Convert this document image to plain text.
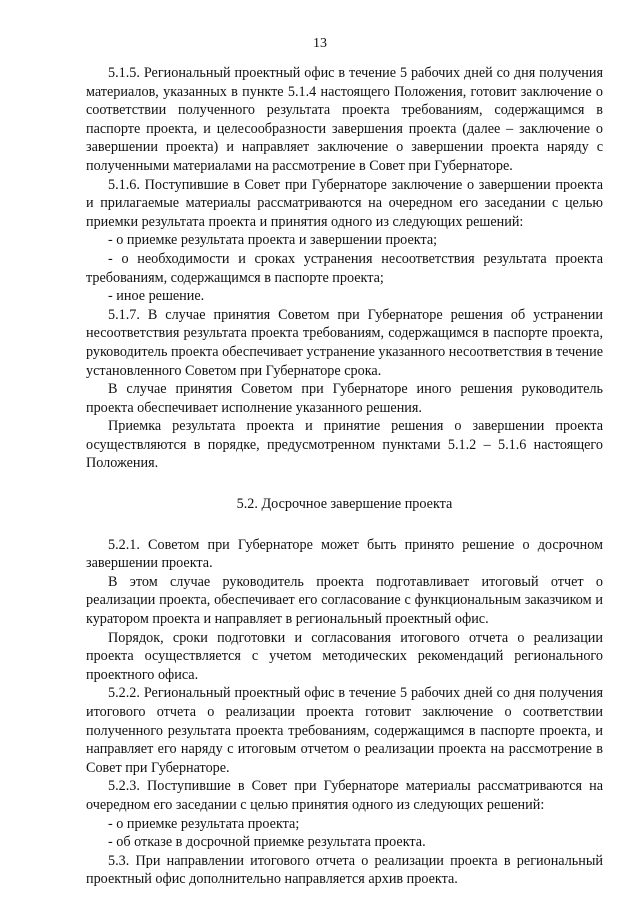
13

5.1.5. Региональный проектный офис в течение 5 рабочих дней со дня получения материалов, указанных в пункте 5.1.4 настоящего Положения, готовит заключение о соответствии полученного результата проекта требованиям, содержащимся в паспорте проекта, и целесообразности завершения проекта (далее – заключение о завершении проекта) и направляет заключение о завершении проекта наряду с полученными материалами на рассмотрение в Совет при Губернаторе.

5.1.6. Поступившие в Совет при Губернаторе заключение о завершении проекта и прилагаемые материалы рассматриваются на очередном его заседании с целью приемки результата проекта и принятия одного из следующих решений:

- о приемке результата проекта и завершении проекта;

- о необходимости и сроках устранения несоответствия результата проекта требованиям, содержащимся в паспорте проекта;

- иное решение.

5.1.7. В случае принятия Советом при Губернаторе решения об устранении несоответствия результата проекта требованиям, содержащимся в паспорте проекта, руководитель проекта обеспечивает устранение указанного несоответствия в течение установленного Советом при Губернаторе срока.

В случае принятия Советом при Губернаторе иного решения руководитель проекта обеспечивает исполнение указанного решения.

Приемка результата проекта и принятие решения о завершении проекта осуществляются в порядке, предусмотренном пунктами 5.1.2 – 5.1.6 настоящего Положения.

5.2. Досрочное завершение проекта

5.2.1. Советом при Губернаторе может быть принято решение о досрочном завершении проекта.

В этом случае руководитель проекта подготавливает итоговый отчет о реализации проекта, обеспечивает его согласование с функциональным заказчиком и куратором проекта и направляет в региональный проектный офис.

Порядок, сроки подготовки и согласования итогового отчета о реализации проекта осуществляется с учетом методических рекомендаций регионального проектного офиса.

5.2.2. Региональный проектный офис в течение 5 рабочих дней со дня получения итогового отчета о реализации проекта готовит заключение о соответствии полученного результата проекта требованиям, содержащимся в паспорте проекта, и направляет его наряду с итоговым отчетом о реализации проекта на рассмотрение в Совет при Губернаторе.

5.2.3. Поступившие в Совет при Губернаторе материалы рассматриваются на очередном его заседании с целью принятия одного из следующих решений:

- о приемке результата проекта;

- об отказе в досрочной приемке результата проекта.

5.3. При направлении итогового отчета о реализации проекта в региональный проектный офис дополнительно направляется архив проекта.
